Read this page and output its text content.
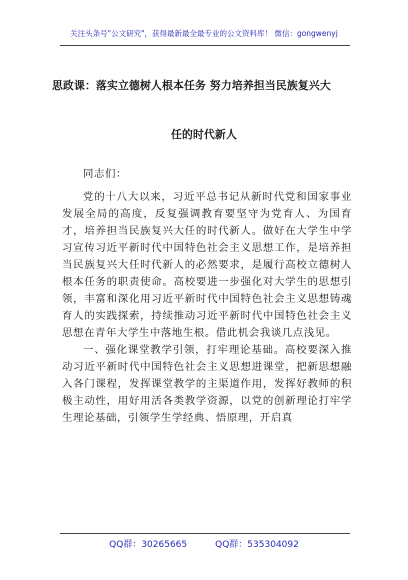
关注头条号"公文研究"，获得最新最全最专业的公文资料库！ 微信：gongwenyj
思政课：落实立德树人根本任务 努力培养担当民族复兴大
任的时代新人

同志们：

党的十八大以来，习近平总书记从新时代党和国家事业发展全局的高度，反复强调教育要坚守为党育人、为国育才，培养担当民族复兴大任的时代新人。做好在大学生中学习宣传习近平新时代中国特色社会主义思想工作，是培养担当民族复兴大任时代新人的必然要求，是履行高校立德树人根本任务的职责使命。高校要进一步强化对大学生的思想引领，丰富和深化用习近平新时代中国特色社会主义思想铸魂育人的实践探索，持续推动习近平新时代中国特色社会主义思想在青年大学生中落地生根。借此机会我谈几点浅见。

一、强化课堂教学引领，打牢理论基础。高校要深入推动习近平新时代中国特色社会主义思想进课堂，把新思想融入各门课程，发挥课堂教学的主渠道作用，发挥好教师的积极主动性，用好用活各类教学资源，以党的创新理论打牢学生理论基础，引领学生学经典、悟原理，开启真

QQ群：30265665	QQ群：535304092
